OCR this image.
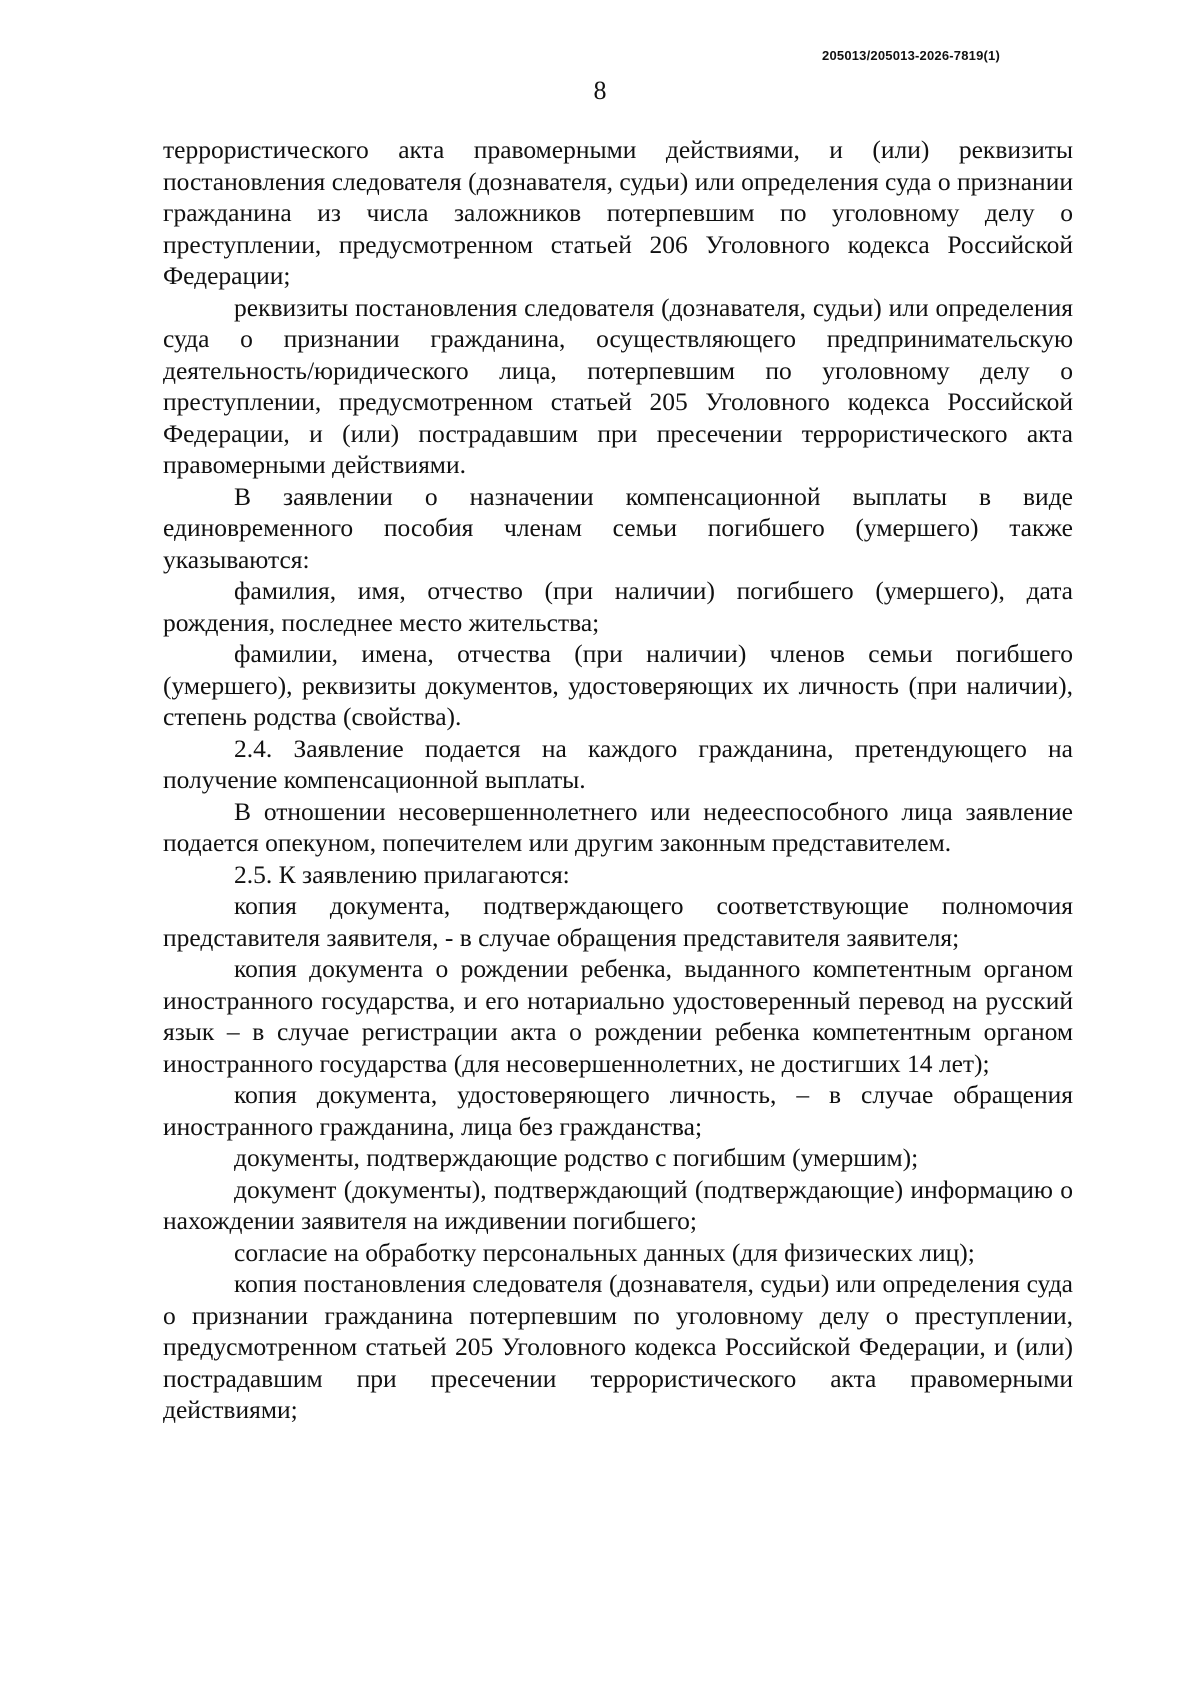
205013/205013-2026-7819(1)
8

террористического акта правомерными действиями, и (или) реквизиты постановления следователя (дознавателя, судьи) или определения суда о признании гражданина из числа заложников потерпевшим по уголовному делу о преступлении, предусмотренном статьей 206 Уголовного кодекса Российской Федерации;

реквизиты постановления следователя (дознавателя, судьи) или определения суда о признании гражданина, осуществляющего предпринимательскую деятельность/юридического лица, потерпевшим по уголовному делу о преступлении, предусмотренном статьей 205 Уголовного кодекса Российской Федерации, и (или) пострадавшим при пресечении террористического акта правомерными действиями.

В заявлении о назначении компенсационной выплаты в виде единовременного пособия членам семьи погибшего (умершего) также указываются:

фамилия, имя, отчество (при наличии) погибшего (умершего), дата рождения, последнее место жительства;

фамилии, имена, отчества (при наличии) членов семьи погибшего (умершего), реквизиты документов, удостоверяющих их личность (при наличии), степень родства (свойства).

2.4. Заявление подается на каждого гражданина, претендующего на получение компенсационной выплаты.

В отношении несовершеннолетнего или недееспособного лица заявление подается опекуном, попечителем или другим законным представителем.

2.5. К заявлению прилагаются:

копия документа, подтверждающего соответствующие полномочия представителя заявителя, - в случае обращения представителя заявителя;

копия документа о рождении ребенка, выданного компетентным органом иностранного государства, и его нотариально удостоверенный перевод на русский язык – в случае регистрации акта о рождении ребенка компетентным органом иностранного государства (для несовершеннолетних, не достигших 14 лет);

копия документа, удостоверяющего личность, – в случае обращения иностранного гражданина, лица без гражданства;

документы, подтверждающие родство с погибшим (умершим);

документ (документы), подтверждающий (подтверждающие) информацию о нахождении заявителя на иждивении погибшего;

согласие на обработку персональных данных (для физических лиц);

копия постановления следователя (дознавателя, судьи) или определения суда о признании гражданина потерпевшим по уголовному делу о преступлении, предусмотренном статьей 205 Уголовного кодекса Российской Федерации, и (или) пострадавшим при пресечении террористического акта правомерными действиями;
